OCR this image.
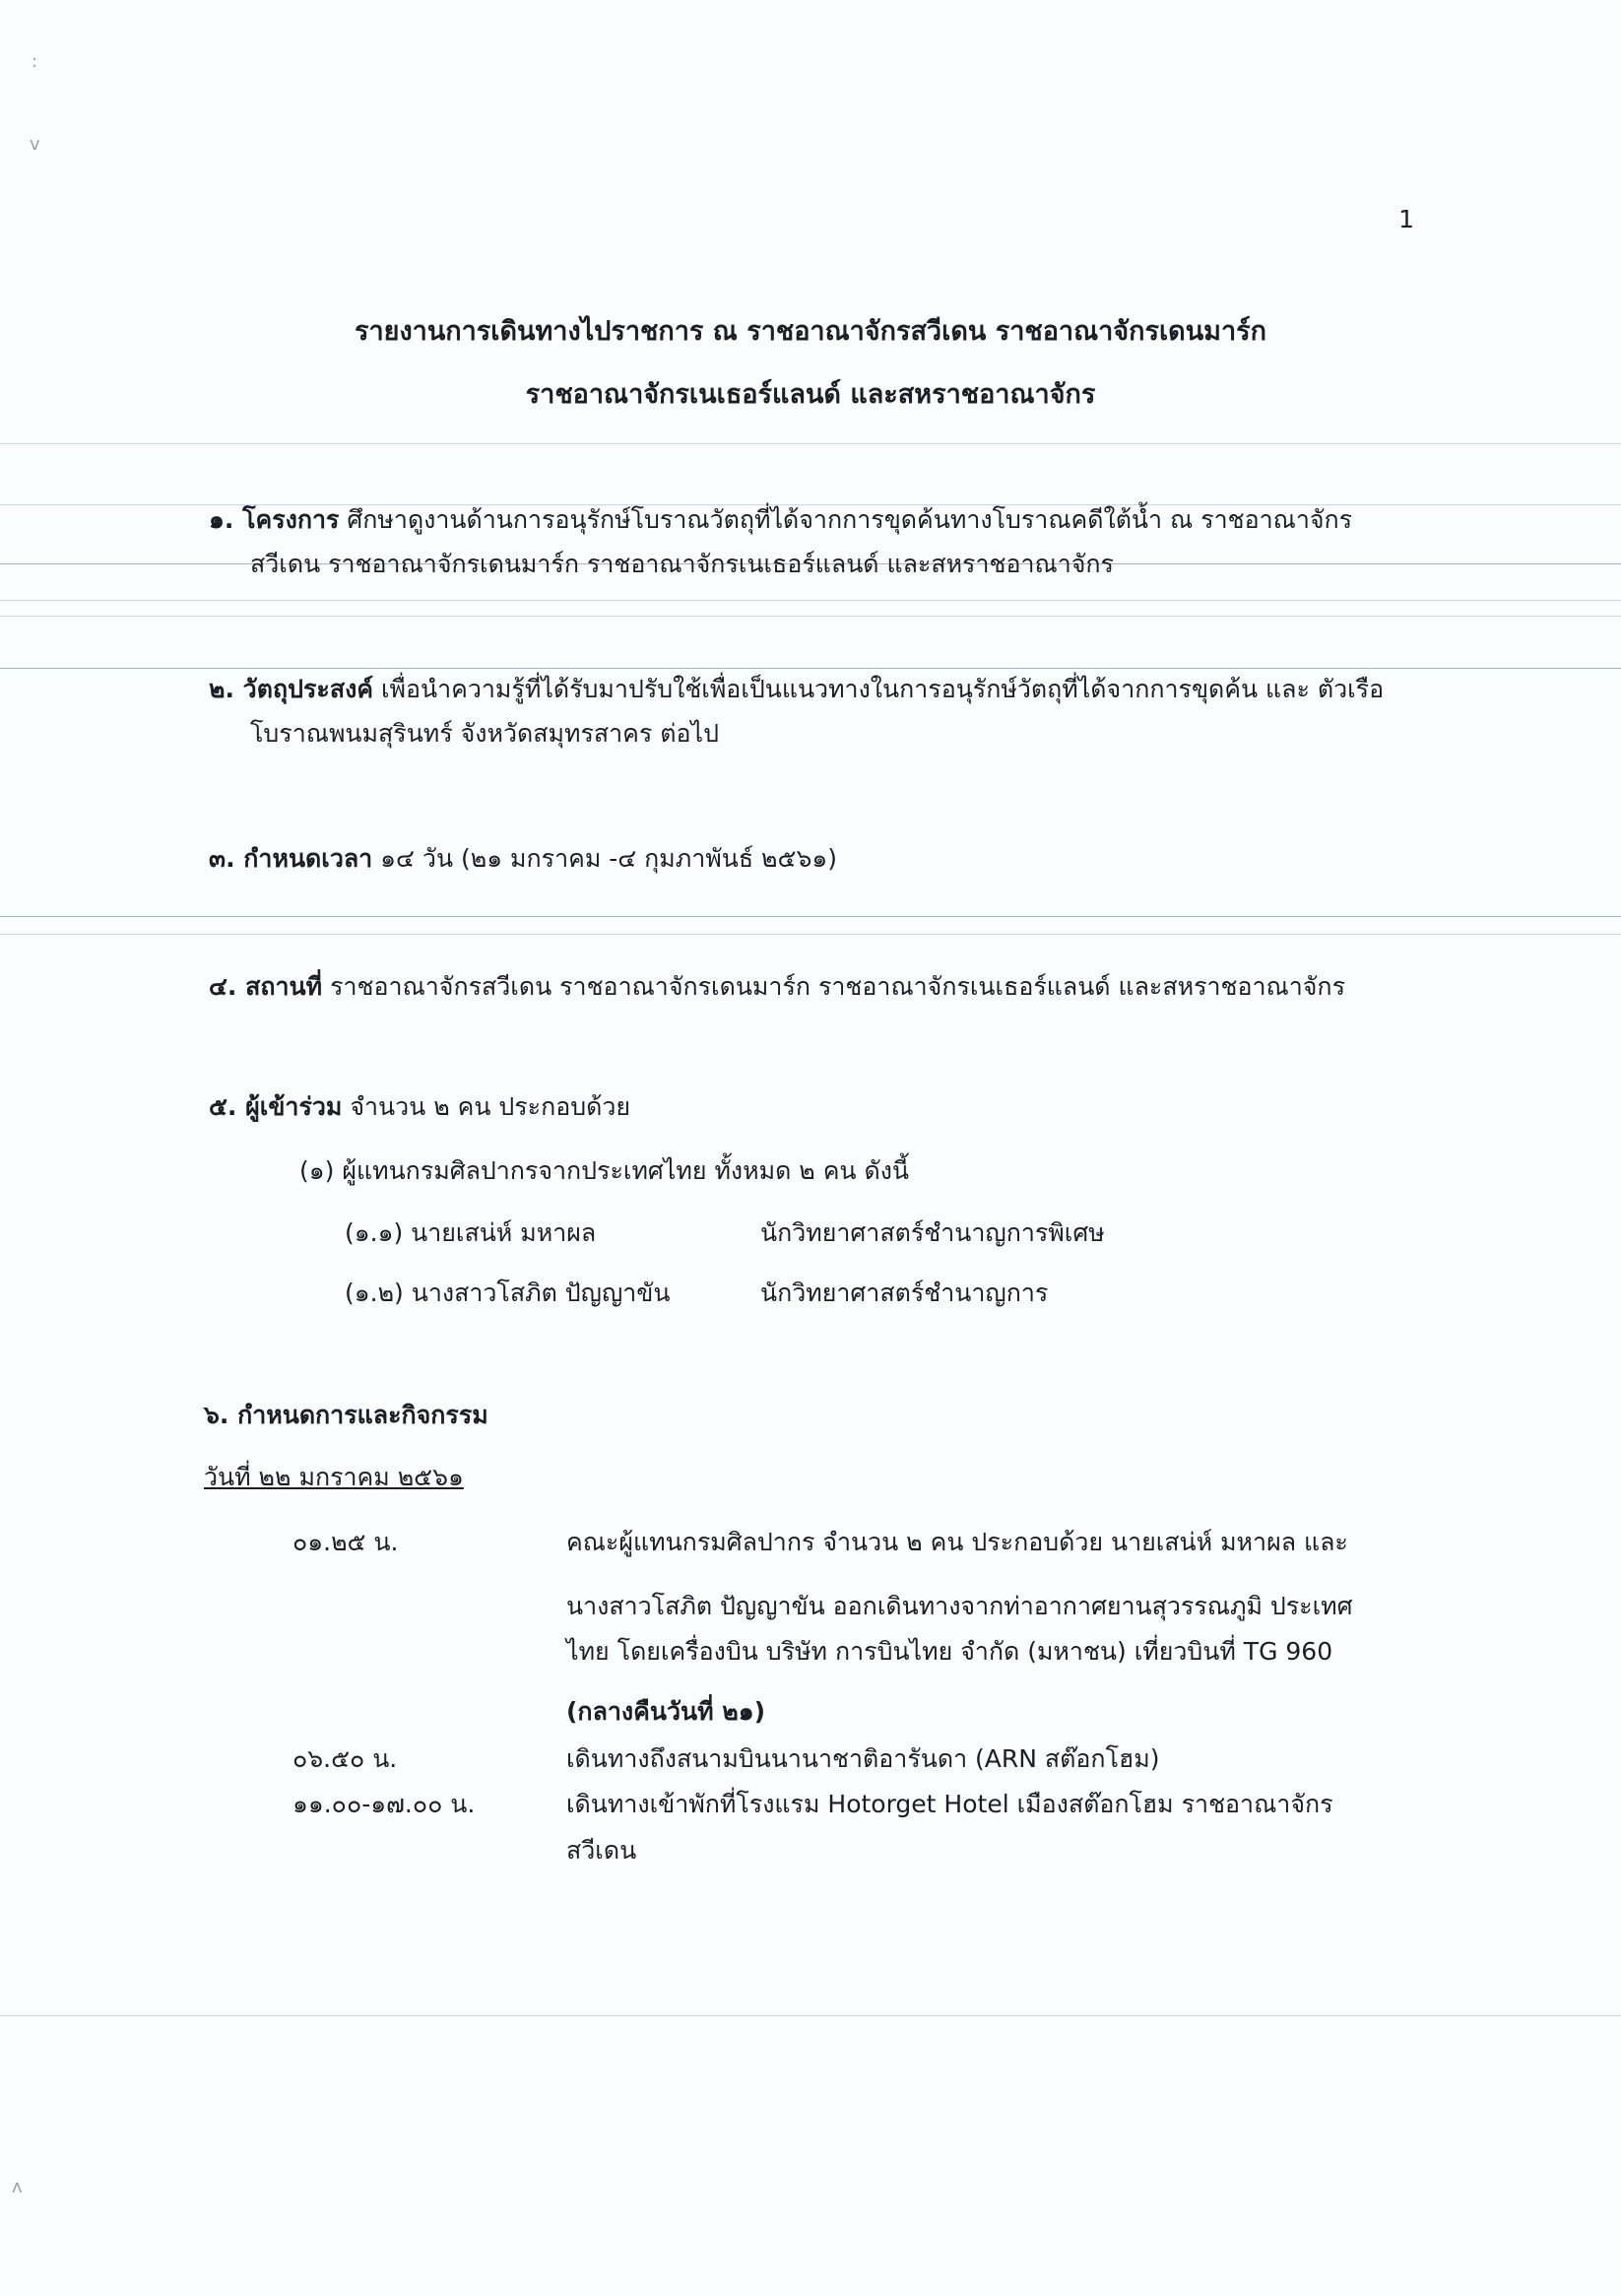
:
v
ᴧ
1
รายงานการเดินทางไปราชการ ณ ราชอาณาจักรสวีเดน ราชอาณาจักรเดนมาร์ก
ราชอาณาจักรเนเธอร์แลนด์ และสหราชอาณาจักร
๑. โครงการ ศึกษาดูงานด้านการอนุรักษ์โบราณวัตถุที่ได้จากการขุดค้นทางโบราณคดีใต้น้ำ ณ ราชอาณาจักร
สวีเดน ราชอาณาจักรเดนมาร์ก ราชอาณาจักรเนเธอร์แลนด์ และสหราชอาณาจักร
๒. วัตถุประสงค์ เพื่อนำความรู้ที่ได้รับมาปรับใช้เพื่อเป็นแนวทางในการอนุรักษ์วัตถุที่ได้จากการขุดค้น และ ตัวเรือ
โบราณพนมสุรินทร์ จังหวัดสมุทรสาคร ต่อไป
๓. กำหนดเวลา ๑๔ วัน (๒๑ มกราคม -๔ กุมภาพันธ์ ๒๕๖๑)
๔. สถานที่ ราชอาณาจักรสวีเดน ราชอาณาจักรเดนมาร์ก ราชอาณาจักรเนเธอร์แลนด์ และสหราชอาณาจักร
๕. ผู้เข้าร่วม จำนวน ๒ คน ประกอบด้วย
(๑) ผู้แทนกรมศิลปากรจากประเทศไทย ทั้งหมด ๒ คน ดังนี้
(๑.๑) นายเสน่ห์ มหาผล	นักวิทยาศาสตร์ชำนาญการพิเศษ
(๑.๒) นางสาวโสภิต ปัญญาขัน	นักวิทยาศาสตร์ชำนาญการ
๖. กำหนดการและกิจกรรม
วันที่ ๒๒ มกราคม ๒๕๖๑
๐๑.๒๕ น.	คณะผู้แทนกรมศิลปากร จำนวน ๒ คน ประกอบด้วย นายเสน่ห์ มหาผล และ
นางสาวโสภิต ปัญญาขัน ออกเดินทางจากท่าอากาศยานสุวรรณภูมิ ประเทศ
ไทย โดยเครื่องบิน บริษัท การบินไทย จำกัด (มหาชน) เที่ยวบินที่ TG 960
(กลางคืนวันที่ ๒๑)
๐๖.๕๐ น.	เดินทางถึงสนามบินนานาชาติอารันดา (ARN สต๊อกโฮม)
๑๑.๐๐-๑๗.๐๐ น.	เดินทางเข้าพักที่โรงแรม Hotorget Hotel เมืองสต๊อกโฮม ราชอาณาจักร
สวีเดน
